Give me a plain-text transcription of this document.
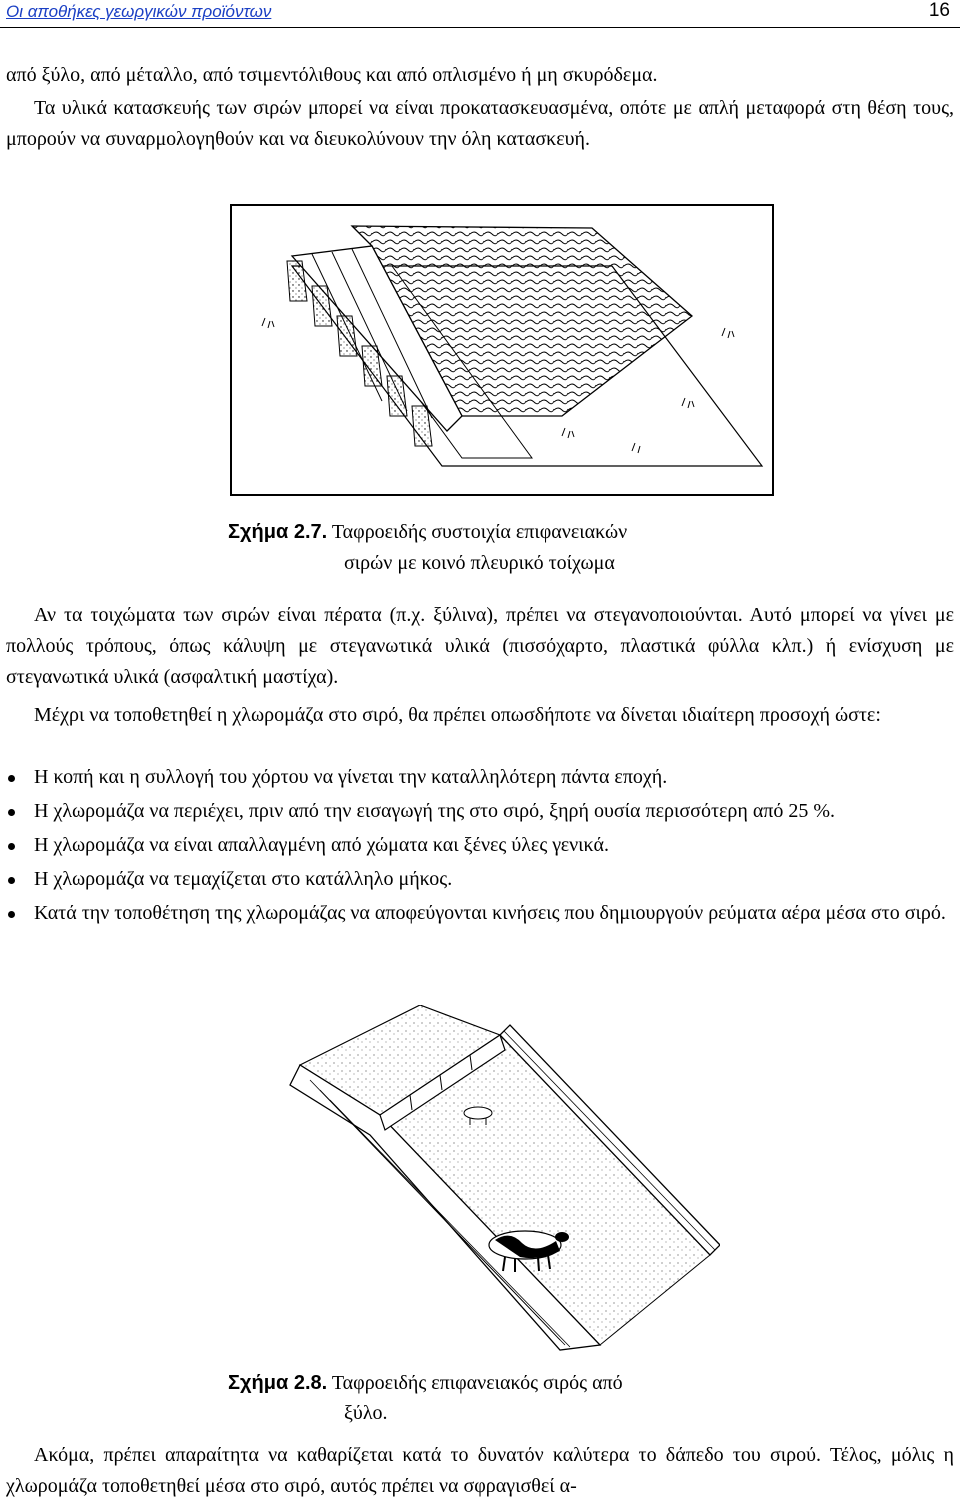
Οι αποθήκες γεωργικών προϊόντων	16

από ξύλο, από μέταλλο, από τσιμεντόλιθους και από οπλισμένο ή μη σκυρόδεμα.

Τα υλικά κατασκευής των σιρών μπορεί να είναι προκατασκευασμένα, οπότε με απλή μεταφορά στη θέση τους, μπορούν να συναρμολογηθούν και να διευκολύνουν την όλη κατασκευή.

Σχήμα 2.7. Ταφροειδής συστοιχία επιφανειακών
σιρών με κοινό πλευρικό τοίχωμα

Αν τα τοιχώματα των σιρών είναι πέρατα (π.χ. ξύλινα), πρέπει να στεγανοποιούνται. Αυτό μπορεί να γίνει με πολλούς τρόπους, όπως κάλυψη με στεγανωτικά υλικά (πισσόχαρτο, πλαστικά φύλλα κλπ.) ή ενίσχυση με στεγανωτικά υλικά (ασφαλτική μαστίχα).

Μέχρι να τοποθετηθεί η χλωρομάζα στο σιρό, θα πρέπει οπωσδήποτε να δίνεται ιδιαίτερη προσοχή ώστε:

Η κοπή και η συλλογή του χόρτου να γίνεται την καταλληλότερη πάντα εποχή.
Η χλωρομάζα να περιέχει, πριν από την εισαγωγή της στο σιρό, ξηρή ουσία περισσότερη από 25 %.
Η χλωρομάζα να είναι απαλλαγμένη από χώματα και ξένες ύλες γενικά.
Η χλωρομάζα να τεμαχίζεται στο κατάλληλο μήκος.
Κατά την τοποθέτηση της χλωρομάζας να αποφεύγονται κινήσεις που δημιουργούν ρεύματα αέρα μέσα στο σιρό.
Σχήμα 2.8. Ταφροειδής επιφανειακός σιρός από
ξύλο.

Ακόμα, πρέπει απαραίτητα να καθαρίζεται κατά το δυνατόν καλύτερα το δάπεδο του σιρού. Τέλος, μόλις η χλωρομάζα τοποθετηθεί μέσα στο σιρό, αυτός πρέπει να σφραγισθεί α-
